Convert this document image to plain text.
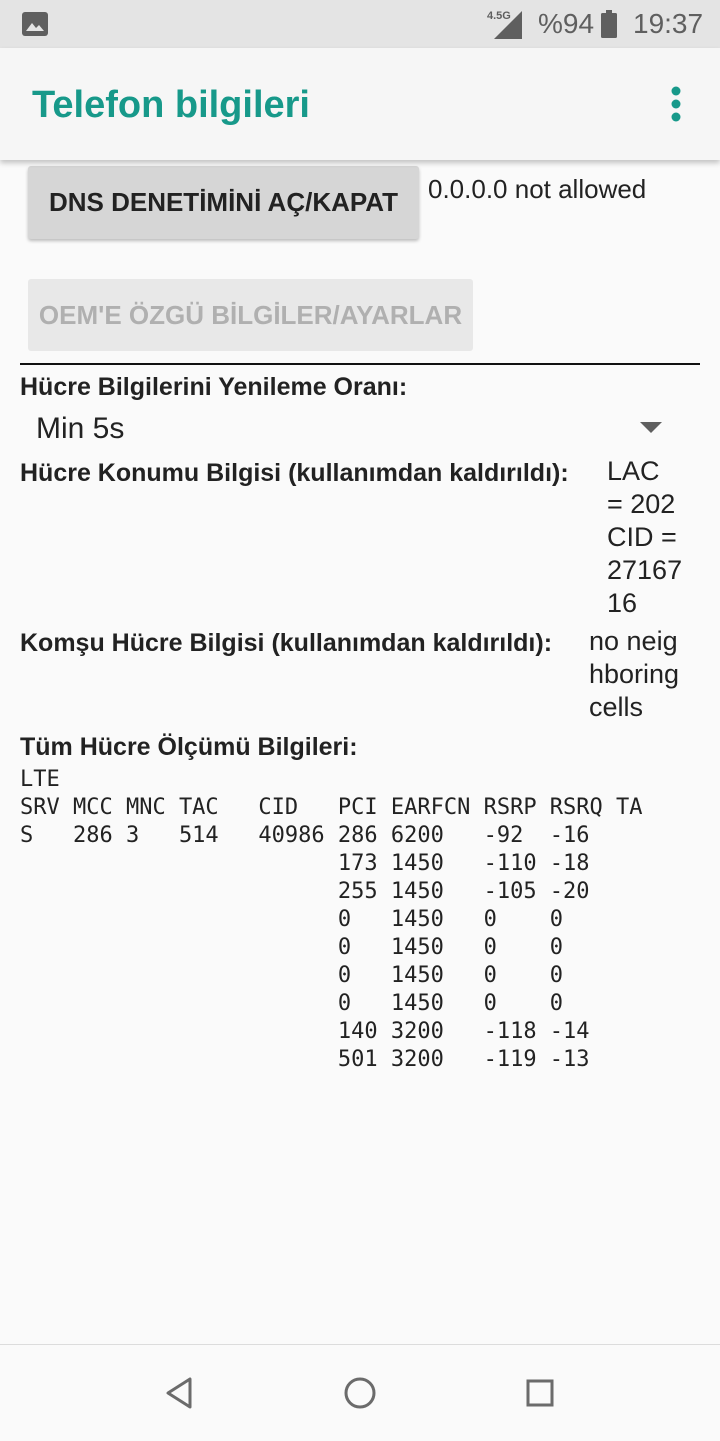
4.5G %94 19:37
Telefon bilgileri
DNS DENETİMİNİ AÇ/KAPAT	0.0.0.0 not allowed
OEM'E ÖZGÜ BİLGİLER/AYARLAR
Hücre Bilgilerini Yenileme Oranı:
Min 5s
Hücre Konumu Bilgisi (kullanımdan kaldırıldı): LAC
= 202
CID =
27167
16
Komşu Hücre Bilgisi (kullanımdan kaldırıldı): no neig
hboring
cells
Tüm Hücre Ölçümü Bilgileri:
LTE
SRV MCC MNC TAC   CID   PCI EARFCN RSRP RSRQ TA
S   286 3   514   40986 286 6200   -92  -16
173 1450   -110 -18
255 1450   -105 -20
0   1450   0    0
0   1450   0    0
0   1450   0    0
0   1450   0    0
140 3200   -118 -14
501 3200   -119 -13
